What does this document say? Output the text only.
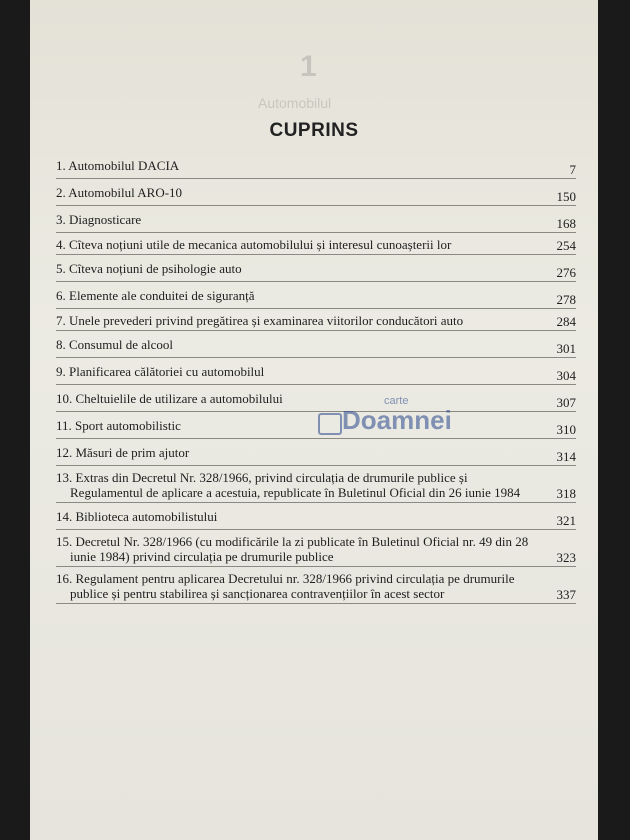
1
Automobilul
CUPRINS
1. Automobilul DACIA	7
2. Automobilul ARO-10	150
3. Diagnosticare	168
4. Cîteva noțiuni utile de mecanica automobilului și interesul cunoașterii lor	254
5. Cîteva noțiuni de psihologie auto	276
6. Elemente ale conduitei de siguranță	278
7. Unele prevederi privind pregătirea și examinarea viitorilor conducători auto	284
8. Consumul de alcool	301
9. Planificarea călătoriei cu automobilul	304
10. Cheltuielile de utilizare a automobilului	307
11. Sport automobilistic	310
12. Măsuri de prim ajutor	314
13. Extras din Decretul Nr. 328/1966, privind circulația de drumurile publice și Regulamentul de aplicare a acestuia, republicate în Buletinul Oficial din 26 iunie 1984	318
14. Biblioteca automobilistului	321
15. Decretul Nr. 328/1966 (cu modificările la zi publicate în Buletinul Oficial nr. 49 din 28 iunie 1984) privind circulația pe drumurile publice	323
16. Regulament pentru aplicarea Decretului nr. 328/1966 privind circulația pe drumurile publice și pentru stabilirea și sancționarea contravențiilor în acest sector	337
carte
Doamnei
